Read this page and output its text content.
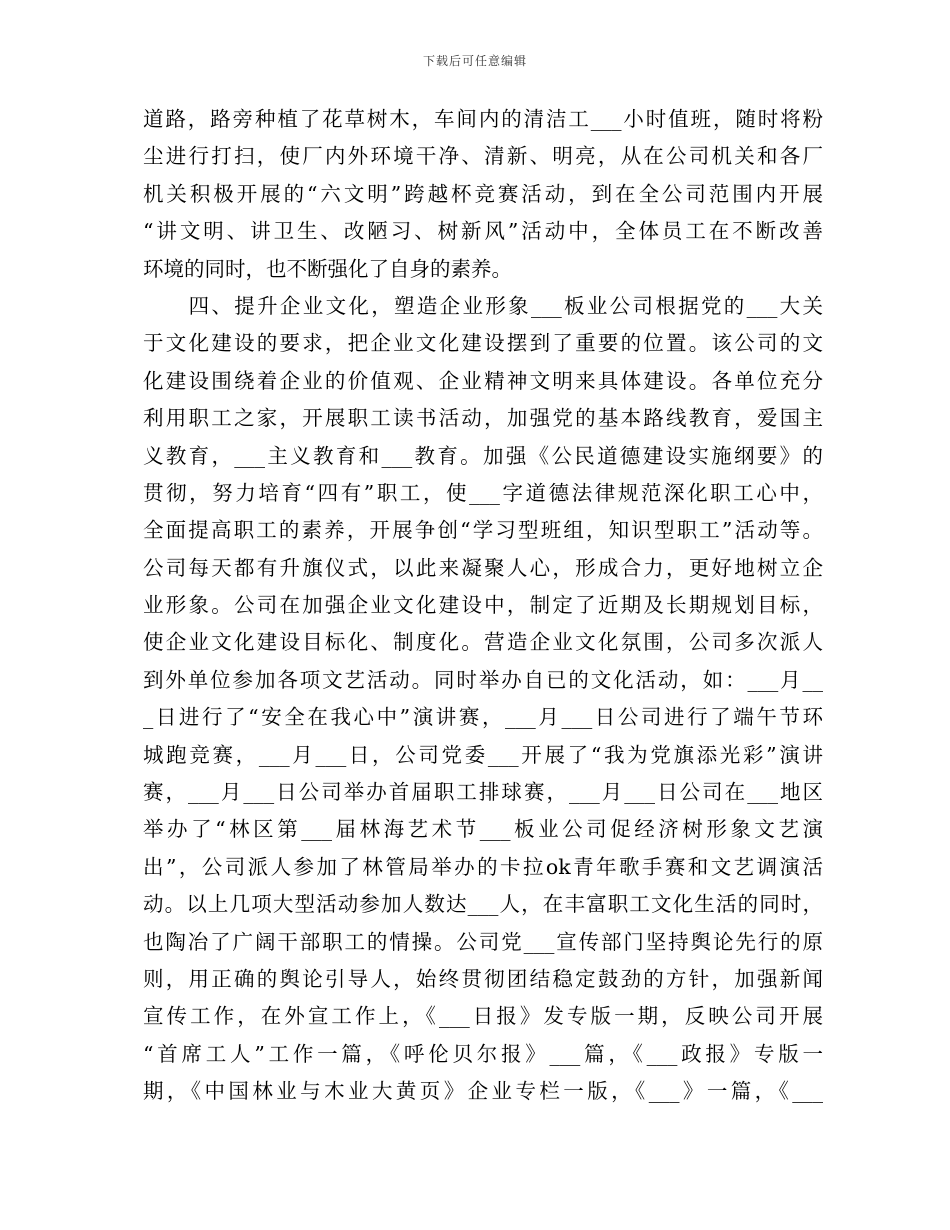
下载后可任意编辑
道路，路旁种植了花草树木，车间内的清洁工___小时值班，随时将粉
尘进行打扫，使厂内外环境干净、清新、明亮，从在公司机关和各厂
机关积极开展的“六文明”跨越杯竞赛活动，到在全公司范围内开展
“讲文明、讲卫生、改陋习、树新风”活动中，全体员工在不断改善
环境的同时，也不断强化了自身的素养。
　　四、提升企业文化，塑造企业形象___板业公司根据党的___大关
于文化建设的要求，把企业文化建设摆到了重要的位置。该公司的文
化建设围绕着企业的价值观、企业精神文明来具体建设。各单位充分
利用职工之家，开展职工读书活动，加强党的基本路线教育，爱国主
义教育，___主义教育和___教育。加强《公民道德建设实施纲要》的
贯彻，努力培育“四有”职工，使___字道德法律规范深化职工心中，
全面提高职工的素养，开展争创“学习型班组，知识型职工”活动等。
公司每天都有升旗仪式，以此来凝聚人心，形成合力，更好地树立企
业形象。公司在加强企业文化建设中，制定了近期及长期规划目标，
使企业文化建设目标化、制度化。营造企业文化氛围，公司多次派人
到外单位参加各项文艺活动。同时举办自已的文化活动，如：___月__
_日进行了“安全在我心中”演讲赛，___月___日公司进行了端午节环
城跑竞赛，___月___日，公司党委___开展了“我为党旗添光彩”演讲
赛，___月___日公司举办首届职工排球赛，___月___日公司在___地区
举办了“林区第___届林海艺术节___板业公司促经济树形象文艺演
出”，公司派人参加了林管局举办的卡拉ok青年歌手赛和文艺调演活
动。以上几项大型活动参加人数达___人，在丰富职工文化生活的同时，
也陶冶了广阔干部职工的情操。公司党___宣传部门坚持舆论先行的原
则，用正确的舆论引导人，始终贯彻团结稳定鼓劲的方针，加强新闻
宣传工作，在外宣工作上，《___日报》发专版一期，反映公司开展
“首席工人”工作一篇，《呼伦贝尔报》___篇，《___政报》专版一
期，《中国林业与木业大黄页》企业专栏一版，《___》一篇，《___
